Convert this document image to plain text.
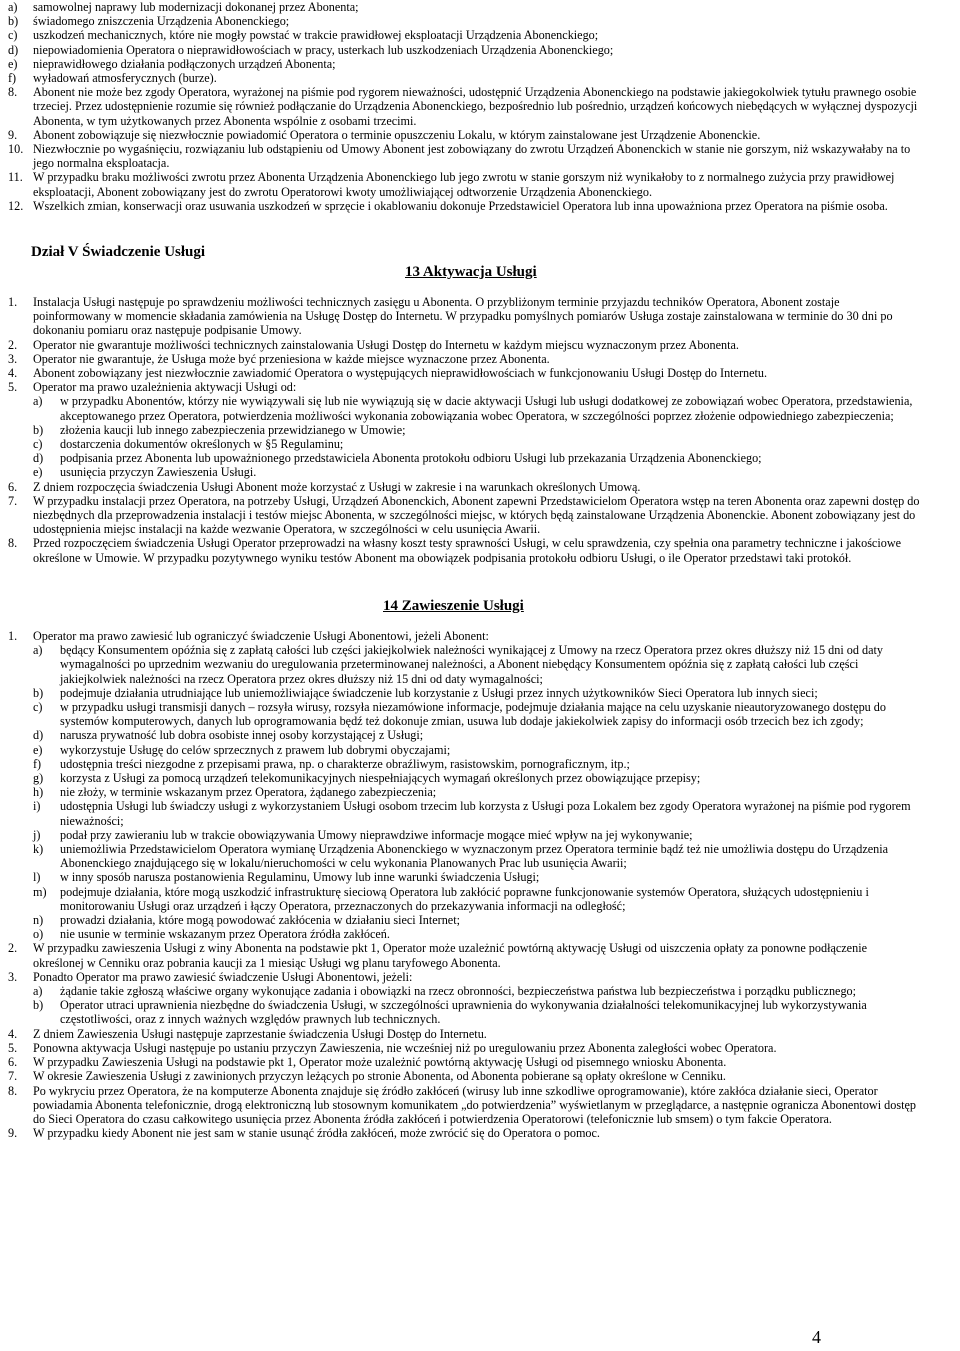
a) samowolnej naprawy lub modernizacji dokonanej przez Abonenta;
b) świadomego zniszczenia Urządzenia Abonenckiego;
c) uszkodzeń mechanicznych, które nie mogły powstać w trakcie prawidłowej eksploatacji Urządzenia Abonenckiego;
d) niepowiadomienia Operatora o nieprawidłowościach w pracy, usterkach lub uszkodzeniach Urządzenia Abonenckiego;
e) nieprawidłowego działania podłączonych urządzeń Abonenta;
f) wyładowań atmosferycznych (burze).
8. Abonent nie może bez zgody Operatora, wyrażonej na piśmie pod rygorem nieważności, udostępnić Urządzenia Abonenckiego na podstawie jakiegokolwiek tytułu prawnego osobie trzeciej. Przez udostępnienie rozumie się również podłączanie do Urządzenia Abonenckiego, bezpośrednio lub pośrednio, urządzeń końcowych niebędących w wyłącznej dyspozycji Abonenta, w tym użytkowanych przez Abonenta wspólnie z osobami trzecimi.
9. Abonent zobowiązuje się niezwłocznie powiadomić Operatora o terminie opuszczeniu Lokalu, w którym zainstalowane jest Urządzenie Abonenckie.
10. Niezwłocznie po wygaśnięciu, rozwiązaniu lub odstąpieniu od Umowy Abonent jest zobowiązany do zwrotu Urządzeń Abonenckich w stanie nie gorszym, niż wskazywałaby na to jego normalna eksploatacja.
11. W przypadku braku możliwości zwrotu przez Abonenta Urządzenia Abonenckiego lub jego zwrotu w stanie gorszym niż wynikałoby to z normalnego zużycia przy prawidłowej eksploatacji, Abonent zobowiązany jest do zwrotu Operatorowi kwoty umożliwiającej odtworzenie Urządzenia Abonenckiego.
12. Wszelkich zmian, konserwacji oraz usuwania uszkodzeń w sprzęcie i okablowaniu dokonuje Przedstawiciel Operatora lub inna upoważniona przez Operatora na piśmie osoba.
Dział V Świadczenie Usługi
13 Aktywacja Usługi
1. Instalacja Usługi następuje po sprawdzeniu możliwości technicznych zasięgu u Abonenta. O przybliżonym terminie przyjazdu techników Operatora, Abonent zostaje poinformowany w momencie składania zamówienia na Usługę Dostęp do Internetu. W przypadku pomyślnych pomiarów Usługa zostaje zainstalowana w terminie do 30 dni po dokonaniu pomiaru oraz następuje podpisanie Umowy.
2. Operator nie gwarantuje możliwości technicznych zainstalowania Usługi Dostęp do Internetu w każdym miejscu wyznaczonym przez Abonenta.
3. Operator nie gwarantuje, że Usługa może być przeniesiona w każde miejsce wyznaczone przez Abonenta.
4. Abonent zobowiązany jest niezwłocznie zawiadomić Operatora o występujących nieprawidłowościach w funkcjonowaniu Usługi Dostęp do Internetu.
5. Operator ma prawo uzależnienia aktywacji Usługi od:
a) w przypadku Abonentów, którzy nie wywiązywali się lub nie wywiązują się w dacie aktywacji Usługi lub usługi dodatkowej ze zobowiązań wobec Operatora, przedstawienia, akceptowanego przez Operatora, potwierdzenia możliwości wykonania zobowiązania wobec Operatora, w szczególności poprzez złożenie odpowiedniego zabezpieczenia;
b) złożenia kaucji lub innego zabezpieczenia przewidzianego w Umowie;
c) dostarczenia dokumentów określonych w §5 Regulaminu;
d) podpisania przez Abonenta lub upoważnionego przedstawiciela Abonenta protokołu odbioru Usługi lub przekazania Urządzenia Abonenckiego;
e) usunięcia przyczyn Zawieszenia Usługi.
6. Z dniem rozpoczęcia świadczenia Usługi Abonent może korzystać z Usługi w zakresie i na warunkach określonych Umową.
7. W przypadku instalacji przez Operatora, na potrzeby Usługi, Urządzeń Abonenckich, Abonent zapewni Przedstawicielom Operatora wstęp na teren Abonenta oraz zapewni dostęp do niezbędnych dla przeprowadzenia instalacji i testów miejsc Abonenta, w szczególności miejsc, w których będą zainstalowane Urządzenia Abonenckie. Abonent zobowiązany jest do udostępnienia miejsc instalacji na każde wezwanie Operatora, w szczególności w celu usunięcia Awarii.
8. Przed rozpoczęciem świadczenia Usługi Operator przeprowadzi na własny koszt testy sprawności Usługi, w celu sprawdzenia, czy spełnia ona parametry techniczne i jakościowe określone w Umowie. W przypadku pozytywnego wyniku testów Abonent ma obowiązek podpisania protokołu odbioru Usługi, o ile Operator przedstawi taki protokół.
14 Zawieszenie Usługi
1. Operator ma prawo zawiesić lub ograniczyć świadczenie Usługi Abonentowi, jeżeli Abonent:
a) będący Konsumentem opóźnia się z zapłatą całości lub części jakiejkolwiek należności wynikającej z Umowy na rzecz Operatora przez okres dłuższy niż 15 dni od daty wymagalności po uprzednim wezwaniu do uregulowania przeterminowanej należności, a Abonent niebędący Konsumentem opóźnia się z zapłatą całości lub części jakiejkolwiek należności na rzecz Operatora przez okres dłuższy niż 15 dni od daty wymagalności;
b) podejmuje działania utrudniające lub uniemożliwiające świadczenie lub korzystanie z Usługi przez innych użytkowników Sieci Operatora lub innych sieci;
c) w przypadku usługi transmisji danych – rozsyła wirusy, rozsyła niezamówione informacje, podejmuje działania mające na celu uzyskanie nieautoryzowanego dostępu do systemów komputerowych, danych lub oprogramowania będź też dokonuje zmian, usuwa lub dodaje jakiekolwiek zapisy do informacji osób trzecich bez ich zgody;
d) narusza prywatność lub dobra osobiste innej osoby korzystającej z Usługi;
e) wykorzystuje Usługę do celów sprzecznych z prawem lub dobrymi obyczajami;
f) udostępnia treści niezgodne z przepisami prawa, np. o charakterze obraźliwym, rasistowskim, pornograficznym, itp.;
g) korzysta z Usługi za pomocą urządzeń telekomunikacyjnych niespełniających wymagań określonych przez obowiązujące przepisy;
h) nie złoży, w terminie wskazanym przez Operatora, żądanego zabezpieczenia;
i) udostępnia Usługi lub świadczy usługi z wykorzystaniem Usługi osobom trzecim lub korzysta z Usługi poza Lokalem bez zgody Operatora wyrażonej na piśmie pod rygorem nieważności;
j) podał przy zawieraniu lub w trakcie obowiązywania Umowy nieprawdziwe informacje mogące mieć wpływ na jej wykonywanie;
k) uniemożliwia Przedstawicielom Operatora wymianę Urządzenia Abonenckiego w wyznaczonym przez Operatora terminie bądź też nie umożliwia dostępu do Urządzenia Abonenckiego znajdującego się w lokalu/nieruchomości w celu wykonania Planowanych Prac lub usunięcia Awarii;
l) w inny sposób narusza postanowienia Regulaminu, Umowy lub inne warunki świadczenia Usługi;
m) podejmuje działania, które mogą uszkodzić infrastrukturę sieciową Operatora lub zakłócić poprawne funkcjonowanie systemów Operatora, służących udostępnieniu i monitorowaniu Usługi oraz urządzeń i łączy Operatora, przeznaczonych do przekazywania informacji na odległość;
n) prowadzi działania, które mogą powodować zakłócenia w działaniu sieci Internet;
o) nie usunie w terminie wskazanym przez Operatora źródła zakłóceń.
2. W przypadku zawieszenia Usługi z winy Abonenta na podstawie pkt 1, Operator może uzależnić powtórną aktywację Usługi od uiszczenia opłaty za ponowne podłączenie określonej w Cenniku oraz pobrania kaucji za 1 miesiąc Usługi wg planu taryfowego Abonenta.
3. Ponadto Operator ma prawo zawiesić świadczenie Usługi Abonentowi, jeżeli:
a) żądanie takie zgłoszą właściwe organy wykonujące zadania i obowiązki na rzecz obronności, bezpieczeństwa państwa lub bezpieczeństwa i porządku publicznego;
b) Operator utraci uprawnienia niezbędne do świadczenia Usługi, w szczególności uprawnienia do wykonywania działalności telekomunikacyjnej lub wykorzystywania częstotliwości, oraz z innych ważnych względów prawnych lub technicznych.
4. Z dniem Zawieszenia Usługi następuje zaprzestanie świadczenia Usługi Dostęp do Internetu.
5. Ponowna aktywacja Usługi następuje po ustaniu przyczyn Zawieszenia, nie wcześniej niż po uregulowaniu przez Abonenta zaległości wobec Operatora.
6. W przypadku Zawieszenia Usługi na podstawie pkt 1, Operator może uzależnić powtórną aktywację Usługi od pisemnego wniosku Abonenta.
7. W okresie Zawieszenia Usługi z zawinionych przyczyn leżących po stronie Abonenta, od Abonenta pobierane są opłaty określone w Cenniku.
8. Po wykryciu przez Operatora, że na komputerze Abonenta znajduje się źródło zakłóceń (wirusy lub inne szkodliwe oprogramowanie), które zakłóca działanie sieci, Operator powiadamia Abonenta telefonicznie, drogą elektroniczną lub stosownym komunikatem „do potwierdzenia” wyświetlanym w przeglądarce, a następnie ogranicza Abonentowi dostęp do Sieci Operatora do czasu całkowitego usunięcia przez Abonenta źródła zakłóceń i potwierdzenia Operatorowi (telefonicznie lub smsem) o tym fakcie Operatora.
9. W przypadku kiedy Abonent nie jest sam w stanie usunąć źródła zakłóceń, może zwrócić się do Operatora o pomoc.
4
